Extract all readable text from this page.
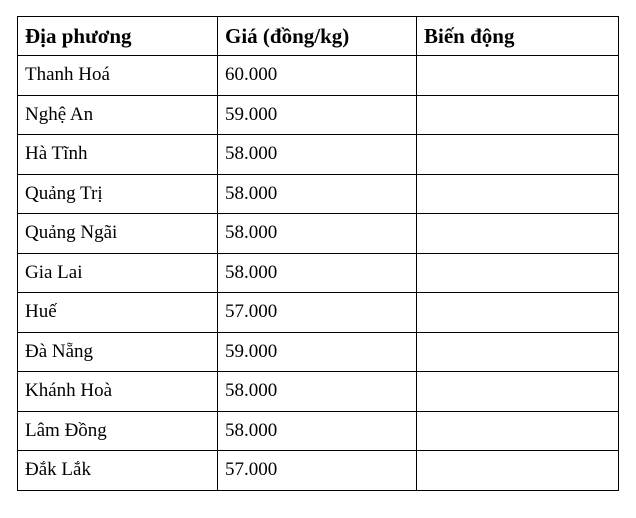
Địa phương	Giá (đồng/kg)	Biến động
Thanh Hoá	60.000	
Nghệ An	59.000	
Hà Tĩnh	58.000	
Quảng Trị	58.000	
Quảng Ngãi	58.000	
Gia Lai	58.000	
Huế	57.000	
Đà Nẵng	59.000	
Khánh Hoà	58.000	
Lâm Đồng	58.000	
Đắk Lắk	57.000	
